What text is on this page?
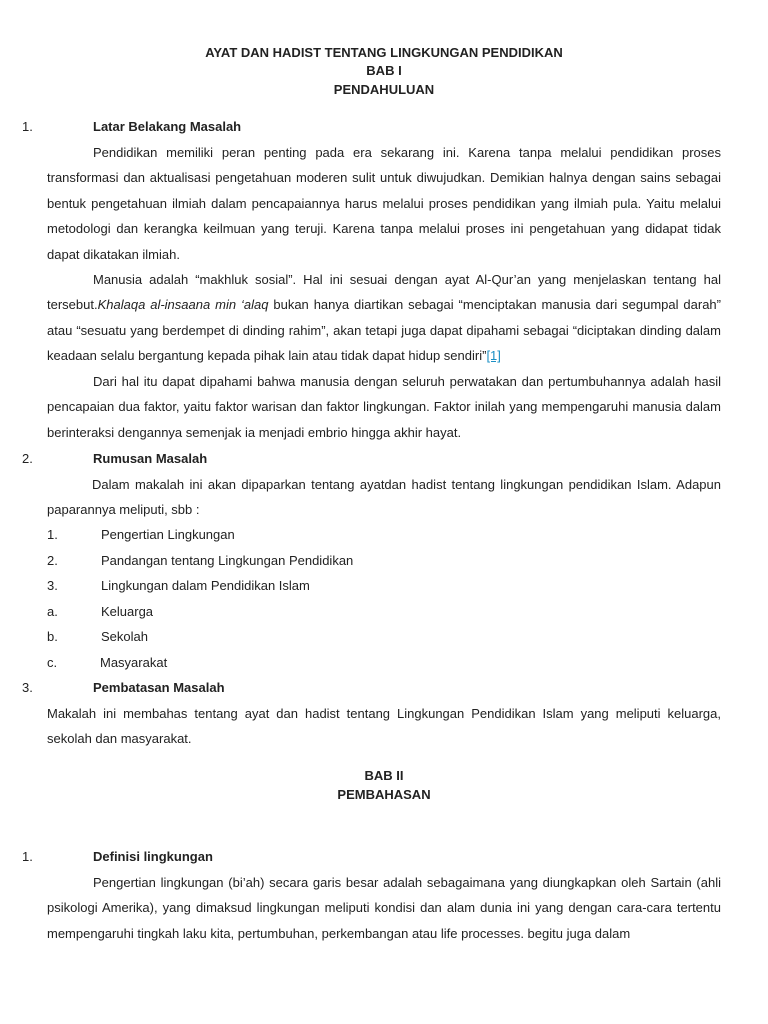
AYAT DAN HADIST TENTANG LINGKUNGAN PENDIDIKAN
BAB I
PENDAHULUAN
1.	Latar Belakang Masalah
Pendidikan memiliki peran penting pada era sekarang ini. Karena tanpa melalui pendidikan proses transformasi dan aktualisasi pengetahuan moderen sulit untuk diwujudkan. Demikian halnya dengan sains sebagai bentuk pengetahuan ilmiah dalam pencapaiannya harus melalui proses pendidikan yang ilmiah pula. Yaitu melalui metodologi dan kerangka keilmuan yang teruji. Karena tanpa melalui proses ini pengetahuan yang didapat tidak dapat dikatakan ilmiah.
Manusia adalah “makhluk sosial”. Hal ini sesuai dengan ayat Al-Qur’an yang menjelaskan tentang hal tersebut.Khalaqa al-insaana min ‘alaq bukan hanya diartikan sebagai “menciptakan manusia dari segumpal darah” atau “sesuatu yang berdempet di dinding rahim”, akan tetapi juga dapat dipahami sebagai “diciptakan dinding dalam keadaan selalu bergantung kepada pihak lain atau tidak dapat hidup sendiri”[1]
Dari hal itu dapat dipahami bahwa manusia dengan seluruh perwatakan dan pertumbuhannya adalah hasil pencapaian dua faktor, yaitu faktor warisan dan faktor lingkungan. Faktor inilah yang mempengaruhi manusia dalam berinteraksi dengannya semenjak ia menjadi embrio hingga akhir hayat.
2.	Rumusan Masalah
Dalam makalah ini akan dipaparkan tentang ayatdan hadist tentang lingkungan pendidikan Islam. Adapun paparannya meliputi, sbb :
1.	Pengertian Lingkungan
2.	Pandangan tentang Lingkungan Pendidikan
3.	Lingkungan dalam Pendidikan Islam
a.	Keluarga
b.	Sekolah
c.	Masyarakat
3.	Pembatasan Masalah
Makalah ini membahas tentang ayat dan hadist tentang Lingkungan Pendidikan Islam yang meliputi keluarga, sekolah dan masyarakat.
BAB II
PEMBAHASAN
1.	Definisi lingkungan
Pengertian lingkungan (bi’ah) secara garis besar adalah sebagaimana yang diungkapkan oleh Sartain (ahli psikologi Amerika), yang dimaksud lingkungan meliputi kondisi dan alam dunia ini yang dengan cara-cara tertentu mempengaruhi tingkah laku kita, pertumbuhan, perkembangan atau life processes. begitu juga dalam
